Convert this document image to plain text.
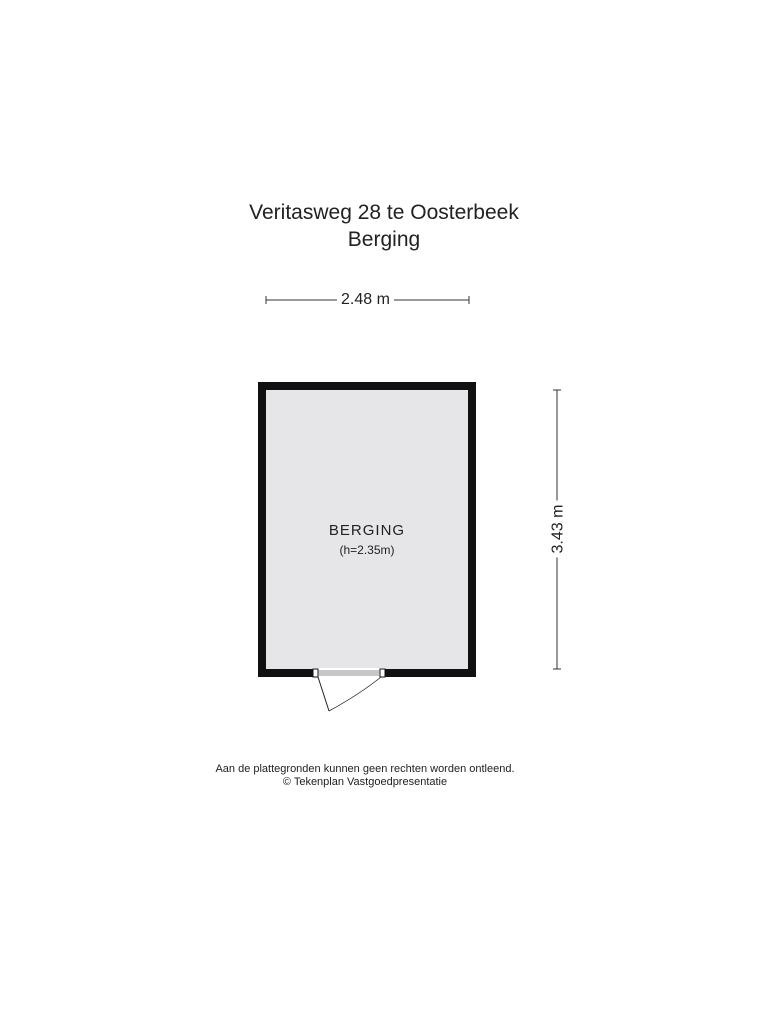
Veritasweg 28 te Oosterbeek
Berging
2.48 m
3.43 m
BERGING
(h=2.35m)
Aan de plattegronden kunnen geen rechten worden ontleend.
© Tekenplan Vastgoedpresentatie
